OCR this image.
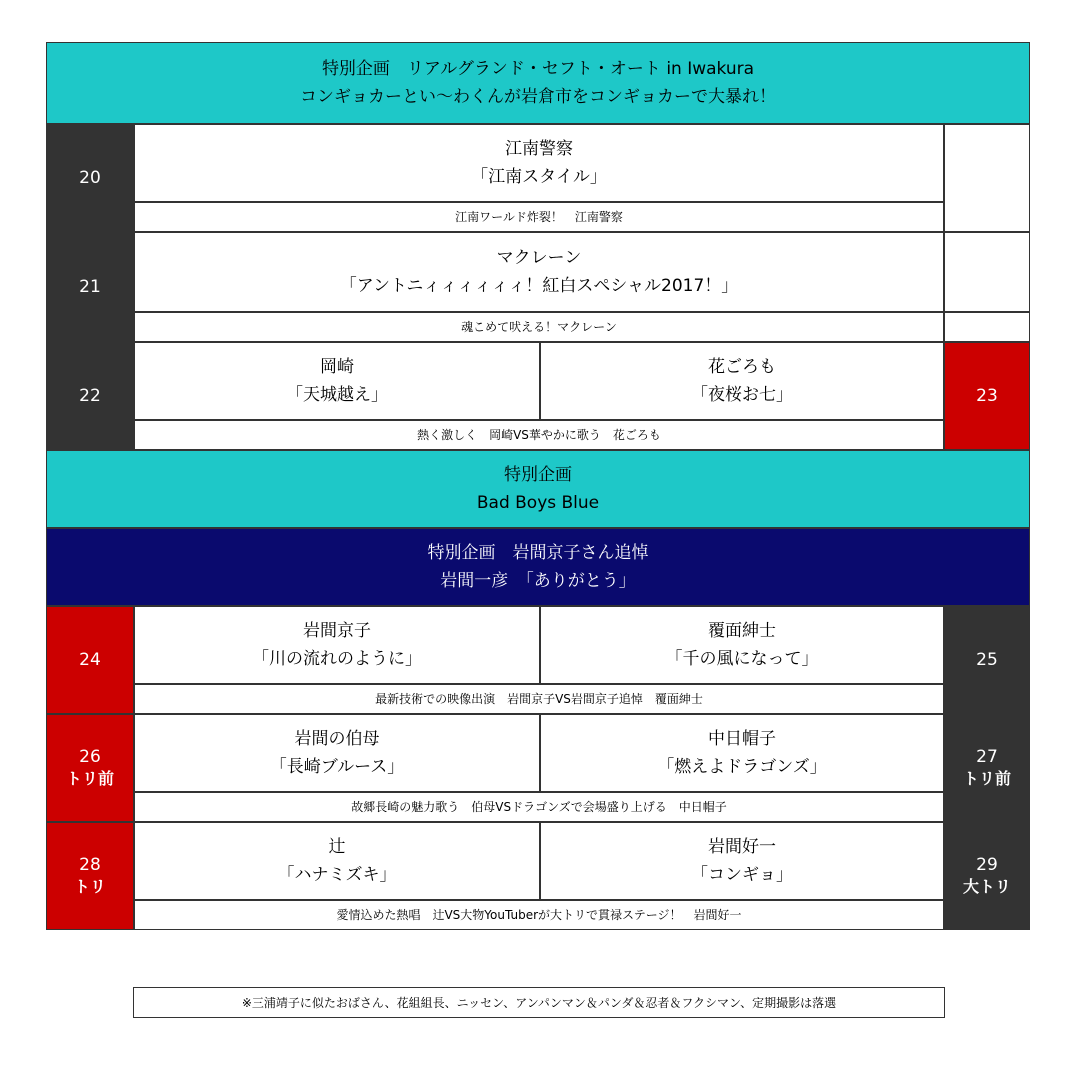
特別企画　リアルグランド・セフト・オート in Iwakura
コンギョカーとい〜わくんが岩倉市をコンギョカーで大暴れ！
20
江南警察
「江南スタイル」
江南ワールド炸裂！　江南警察
21
マクレーン
「アントニィィィィィィ！紅白スペシャル2017！」
魂こめて吠える！マクレーン
22
岡崎
「天城越え」
花ごろも
「夜桜お七」
熱く激しく　岡崎VS華やかに歌う　花ごろも
23
特別企画
Bad Boys Blue
特別企画　岩間京子さん追悼
岩間一彦　「ありがとう」
24
岩間京子
「川の流れのように」
覆面紳士
「千の風になって」
最新技術での映像出演　岩間京子VS岩間京子追悼　覆面紳士
25
26
トリ前
岩間の伯母
「長崎ブルース」
中日帽子
「燃えよドラゴンズ」
故郷長崎の魅力歌う　伯母VSドラゴンズで会場盛り上げる　中日帽子
27
トリ前
28
トリ
辻
「ハナミズキ」
岩間好一
「コンギョ」
愛情込めた熱唱　辻VS大物YouTuberが大トリで貫禄ステージ！　岩間好一
29
大トリ
※三浦靖子に似たおばさん、花組組長、ニッセン、アンパンマン＆パンダ＆忍者＆フクシマン、定期撮影は落選
